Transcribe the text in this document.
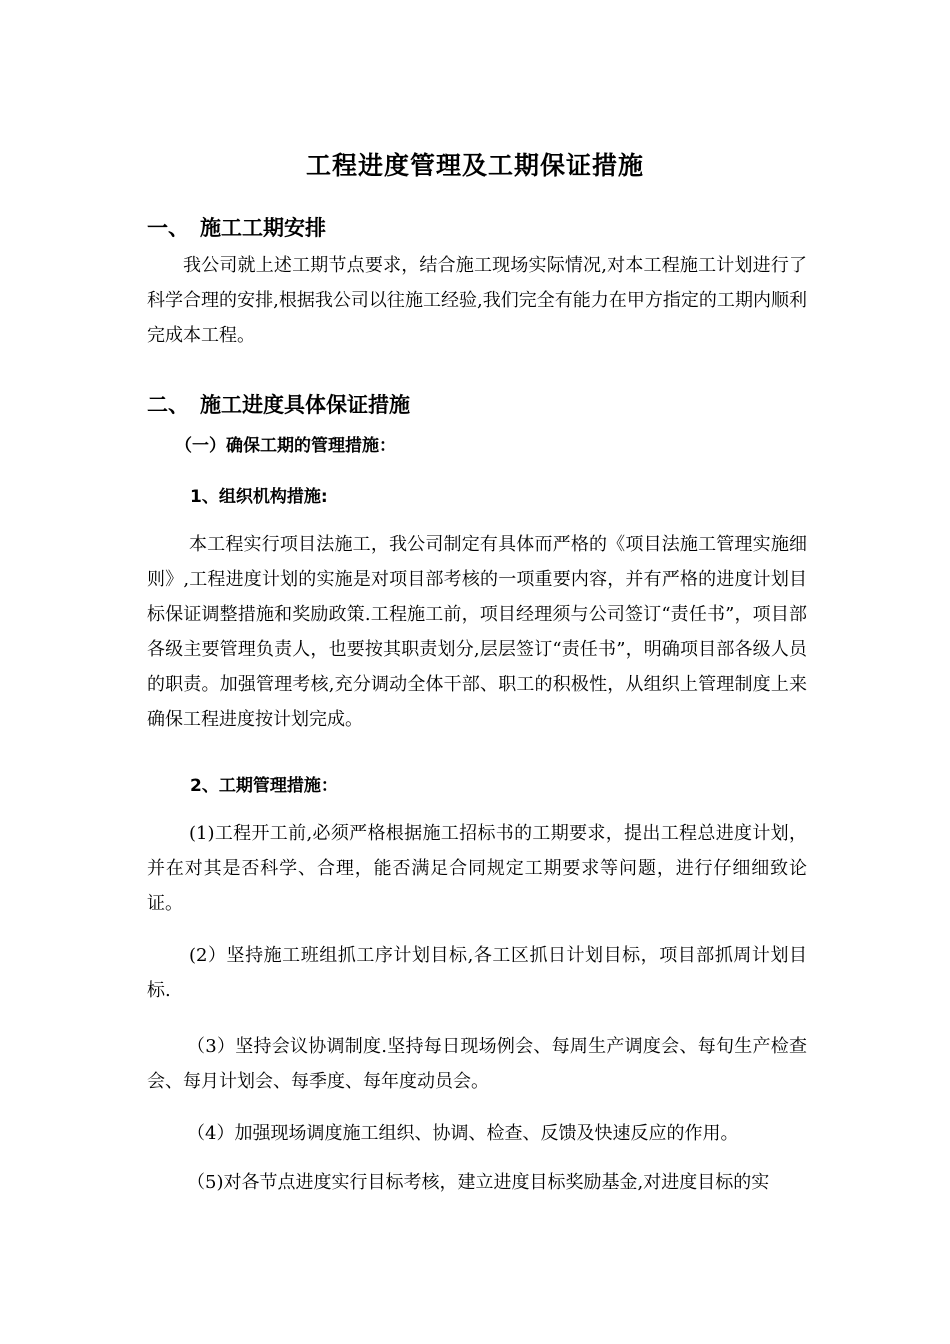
工程进度管理及工期保证措施
一、 施工工期安排
我公司就上述工期节点要求，结合施工现场实际情况,对本工程施工计划进行了科学合理的安排,根据我公司以往施工经验,我们完全有能力在甲方指定的工期内顺利完成本工程。
二、 施工进度具体保证措施
（一）确保工期的管理措施：
1、组织机构措施:
本工程实行项目法施工，我公司制定有具体而严格的《项目法施工管理实施细则》,工程进度计划的实施是对项目部考核的一项重要内容，并有严格的进度计划目标保证调整措施和奖励政策.工程施工前，项目经理须与公司签订“责任书”，项目部各级主要管理负责人，也要按其职责划分,层层签订“责任书”，明确项目部各级人员的职责。加强管理考核,充分调动全体干部、职工的积极性，从组织上管理制度上来确保工程进度按计划完成。
2、工期管理措施：
(1)工程开工前,必须严格根据施工招标书的工期要求，提出工程总进度计划，并在对其是否科学、合理，能否满足合同规定工期要求等问题，进行仔细细致论证。
(2）坚持施工班组抓工序计划目标,各工区抓日计划目标，项目部抓周计划目标.
（3）坚持会议协调制度.坚持每日现场例会、每周生产调度会、每旬生产检查会、每月计划会、每季度、每年度动员会。
（4）加强现场调度施工组织、协调、检查、反馈及快速反应的作用。
（5)对各节点进度实行目标考核，建立进度目标奖励基金,对进度目标的实
